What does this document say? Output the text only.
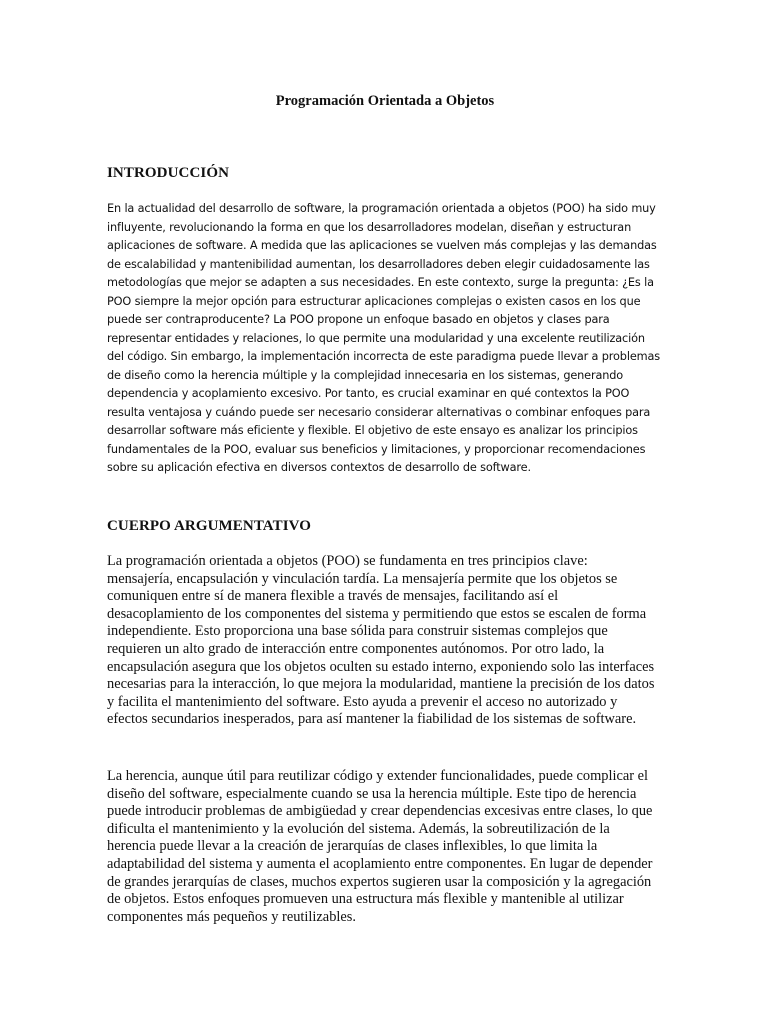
Programación Orientada a Objetos
INTRODUCCIÓN

En la actualidad del desarrollo de software, la programación orientada a objetos (POO) ha sido muy influyente, revolucionando la forma en que los desarrolladores modelan, diseñan y estructuran aplicaciones de software. A medida que las aplicaciones se vuelven más complejas y las demandas de escalabilidad y mantenibilidad aumentan, los desarrolladores deben elegir cuidadosamente las metodologías que mejor se adapten a sus necesidades. En este contexto, surge la pregunta: ¿Es la POO siempre la mejor opción para estructurar aplicaciones complejas o existen casos en los que puede ser contraproducente? La POO propone un enfoque basado en objetos y clases para representar entidades y relaciones, lo que permite una modularidad y una excelente reutilización del código. Sin embargo, la implementación incorrecta de este paradigma puede llevar a problemas de diseño como la herencia múltiple y la complejidad innecesaria en los sistemas, generando dependencia y acoplamiento excesivo. Por tanto, es crucial examinar en qué contextos la POO resulta ventajosa y cuándo puede ser necesario considerar alternativas o combinar enfoques para desarrollar software más eficiente y flexible. El objetivo de este ensayo es analizar los principios fundamentales de la POO, evaluar sus beneficios y limitaciones, y proporcionar recomendaciones sobre su aplicación efectiva en diversos contextos de desarrollo de software.

CUERPO ARGUMENTATIVO

La programación orientada a objetos (POO) se fundamenta en tres principios clave: mensajería, encapsulación y vinculación tardía. La mensajería permite que los objetos se comuniquen entre sí de manera flexible a través de mensajes, facilitando así el desacoplamiento de los componentes del sistema y permitiendo que estos se escalen de forma independiente. Esto proporciona una base sólida para construir sistemas complejos que requieren un alto grado de interacción entre componentes autónomos. Por otro lado, la encapsulación asegura que los objetos oculten su estado interno, exponiendo solo las interfaces necesarias para la interacción, lo que mejora la modularidad, mantiene la precisión de los datos y facilita el mantenimiento del software. Esto ayuda a prevenir el acceso no autorizado y efectos secundarios inesperados, para así mantener la fiabilidad de los sistemas de software.

La herencia, aunque útil para reutilizar código y extender funcionalidades, puede complicar el diseño del software, especialmente cuando se usa la herencia múltiple. Este tipo de herencia puede introducir problemas de ambigüedad y crear dependencias excesivas entre clases, lo que dificulta el mantenimiento y la evolución del sistema. Además, la sobreutilización de la herencia puede llevar a la creación de jerarquías de clases inflexibles, lo que limita la adaptabilidad del sistema y aumenta el acoplamiento entre componentes. En lugar de depender de grandes jerarquías de clases, muchos expertos sugieren usar la composición y la agregación de objetos. Estos enfoques promueven una estructura más flexible y mantenible al utilizar componentes más pequeños y reutilizables.
